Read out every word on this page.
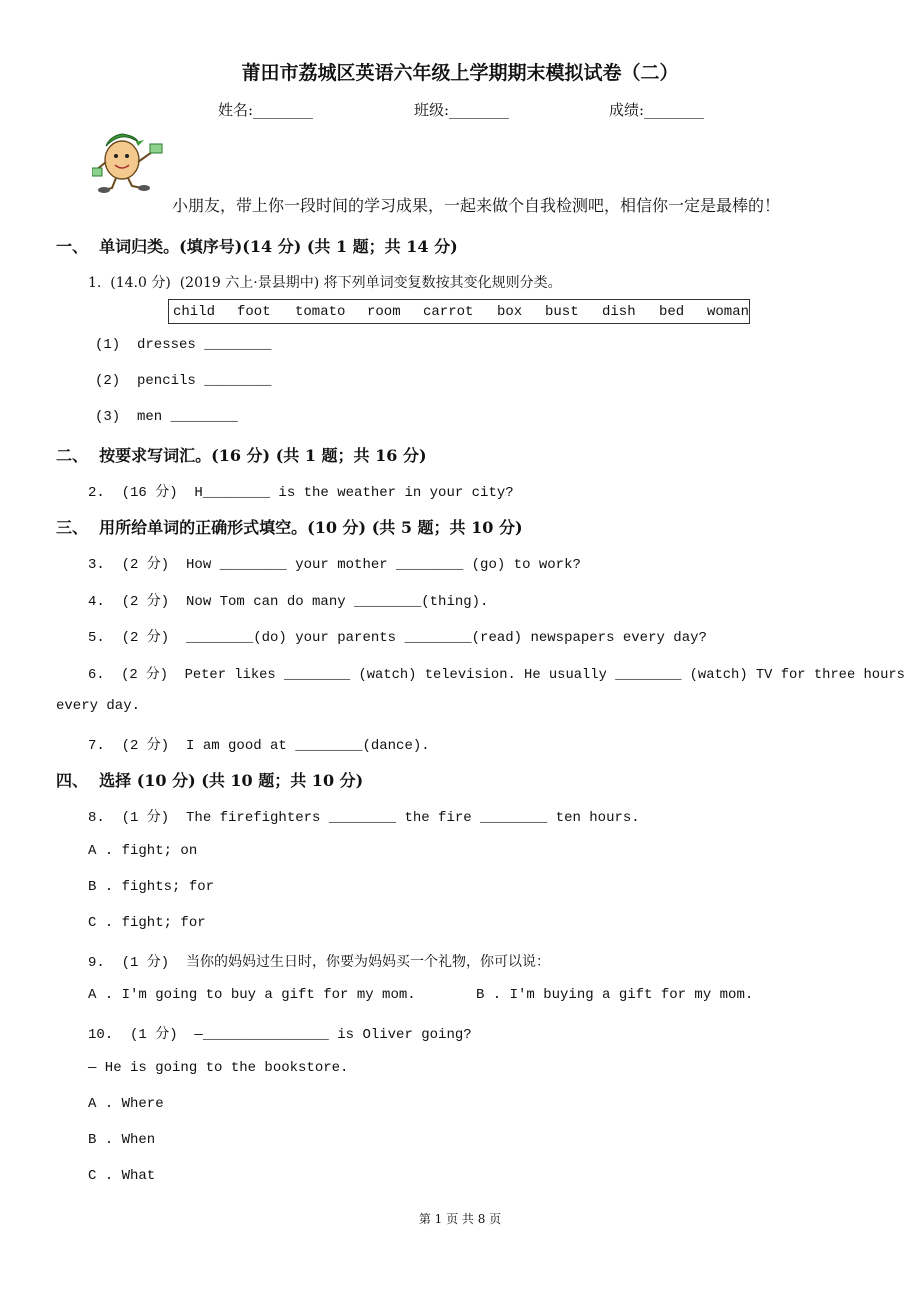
莆田市荔城区英语六年级上学期期末模拟试卷（二）
姓名:________	班级:________	成绩:________
小朋友，带上你一段时间的学习成果，一起来做个自我检测吧，相信你一定是最棒的！
一、  单词归类。(填序号)(14 分) (共 1 题；共 14 分)
1.  (14.0 分)  (2019 六上·景县期中) 将下列单词变复数按其变化规则分类。
child foot tomato room carrot box bust dish bed woman
(1)  dresses ________
(2)  pencils ________
(3)  men ________
二、  按要求写词汇。(16 分) (共 1 题；共 16 分)
2.  (16 分)  H________ is the weather in your city?
三、  用所给单词的正确形式填空。(10 分) (共 5 题；共 10 分)
3.  (2 分)  How ________ your mother ________ (go) to work?
4.  (2 分)  Now Tom can do many ________(thing).
5.  (2 分)  ________(do) your parents ________(read) newspapers every day?
6.  (2 分)  Peter likes ________ (watch) television. He usually ________ (watch) TV for three hours
every day.
7.  (2 分)  I am good at ________(dance).
四、  选择 (10 分) (共 10 题；共 10 分)
8.  (1 分)  The firefighters ________ the fire ________ ten hours.
A . fight; on
B . fights; for
C . fight; for
9.  (1 分)  当你的妈妈过生日时，你要为妈妈买一个礼物，你可以说：
A . I'm going to buy a gift for my mom.	B . I'm buying a gift for my mom.
10.  (1 分)  —_______________ is Oliver going?
— He is going to the bookstore.
A . Where
B . When
C . What
第 1 页 共 8 页
